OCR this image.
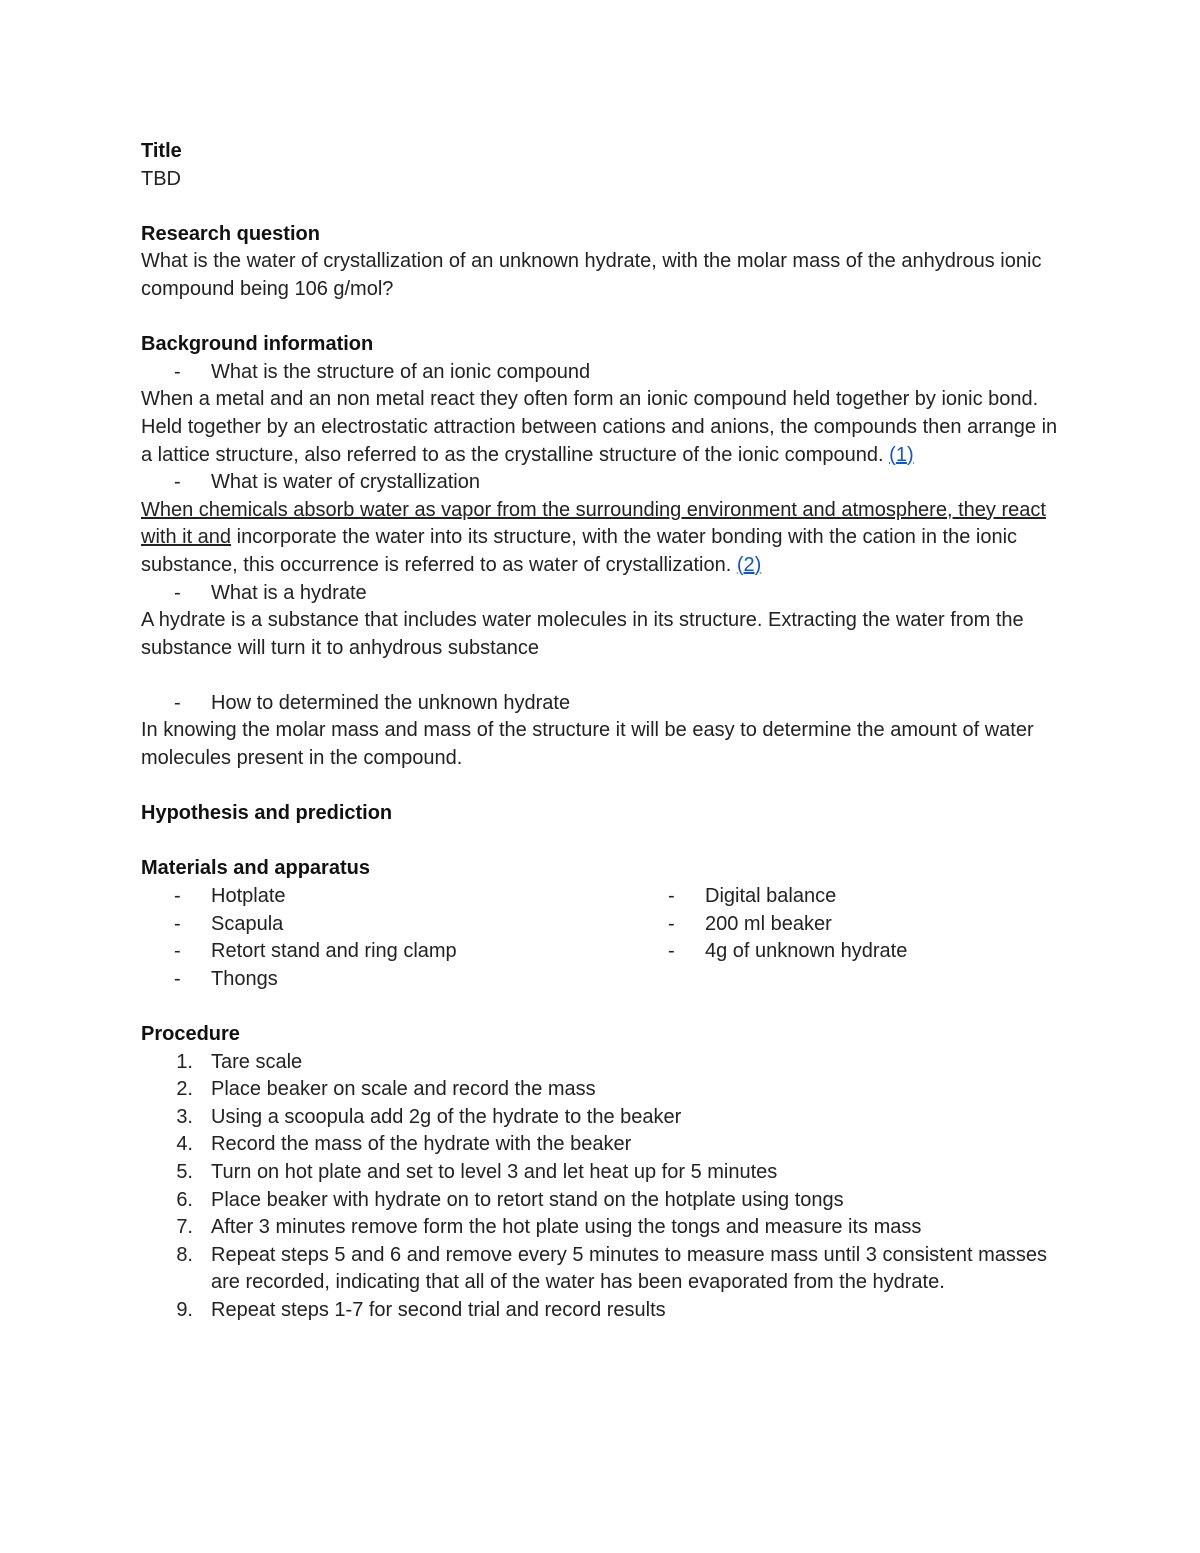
Title

TBD

Research question

What is the water of crystallization of an unknown hydrate, with the molar mass of the anhydrous ionic compound being 106 g/mol?

Background information

- What is the structure of an ionic compound

When a metal and an non metal react they often form an ionic compound held together by ionic bond. Held together by an electrostatic attraction between cations and anions, the compounds then arrange in a lattice structure, also referred to as the crystalline structure of the ionic compound. (1)

- What is water of crystallization

When chemicals absorb water as vapor from the surrounding environment and atmosphere, they react with it and incorporate the water into its structure, with the water bonding with the cation in the ionic substance, this occurrence is referred to as water of crystallization. (2)

- What is a hydrate

A hydrate is a substance that includes water molecules in its structure. Extracting the water from the substance will turn it to anhydrous substance

- How to determined the unknown hydrate

In knowing the molar mass and mass of the structure it will be easy to determine the amount of water molecules present in the compound.

Hypothesis and prediction

Materials and apparatus

- Hotplate

- Scapula

- Retort stand and ring clamp

- Thongs

- Digital balance

- 200 ml beaker

- 4g of unknown hydrate

Procedure

1. Tare scale

2. Place beaker on scale and record the mass

3. Using a scoopula add 2g of the hydrate to the beaker

4. Record the mass of the hydrate with the beaker

5. Turn on hot plate and set to level 3 and let heat up for 5 minutes

6. Place beaker with hydrate on to retort stand on the hotplate using tongs

7. After 3 minutes remove form the hot plate using the tongs and measure its mass

8. Repeat steps 5 and 6 and remove every 5 minutes to measure mass until 3 consistent masses are recorded, indicating that all of the water has been evaporated from the hydrate.

9. Repeat steps 1-7 for second trial and record results
